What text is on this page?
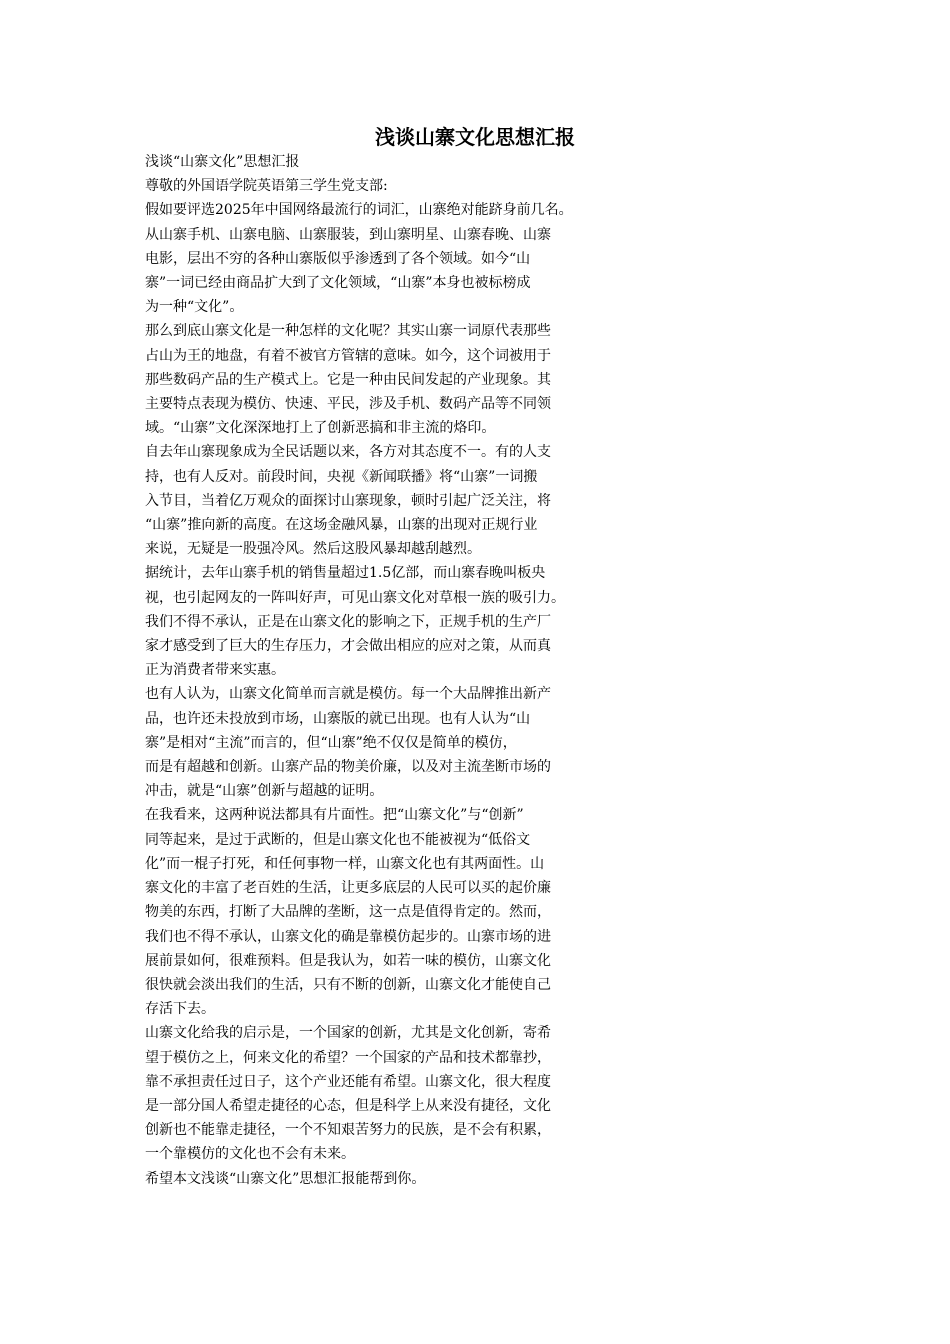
浅谈山寨文化思想汇报

浅谈“山寨文化”思想汇报

尊敬的外国语学院英语第三学生党支部:

假如要评选2025年中国网络最流行的词汇，山寨绝对能跻身前几名。

从山寨手机、山寨电脑、山寨服装，到山寨明星、山寨春晚、山寨

电影，层出不穷的各种山寨版似乎渗透到了各个领域。如今“山

寨”一词已经由商品扩大到了文化领域，“山寨”本身也被标榜成

为一种“文化”。

那么到底山寨文化是一种怎样的文化呢？其实山寨一词原代表那些

占山为王的地盘，有着不被官方管辖的意味。如今，这个词被用于

那些数码产品的生产模式上。它是一种由民间发起的产业现象。其

主要特点表现为模仿、快速、平民，涉及手机、数码产品等不同领

域。“山寨”文化深深地打上了创新恶搞和非主流的烙印。

自去年山寨现象成为全民话题以来，各方对其态度不一。有的人支

持，也有人反对。前段时间，央视《新闻联播》将“山寨”一词搬

入节目，当着亿万观众的面探讨山寨现象，顿时引起广泛关注，将

“山寨”推向新的高度。在这场金融风暴，山寨的出现对正规行业

来说，无疑是一股强冷风。然后这股风暴却越刮越烈。

据统计，去年山寨手机的销售量超过1.5亿部，而山寨春晚叫板央

视，也引起网友的一阵叫好声，可见山寨文化对草根一族的吸引力。

我们不得不承认，正是在山寨文化的影响之下，正规手机的生产厂

家才感受到了巨大的生存压力，才会做出相应的应对之策，从而真

正为消费者带来实惠。

也有人认为，山寨文化简单而言就是模仿。每一个大品牌推出新产

品，也许还未投放到市场，山寨版的就已出现。也有人认为“山

寨”是相对“主流”而言的，但“山寨”绝不仅仅是简单的模仿，

而是有超越和创新。山寨产品的物美价廉，以及对主流垄断市场的

冲击，就是“山寨”创新与超越的证明。

在我看来，这两种说法都具有片面性。把“山寨文化”与“创新”

同等起来，是过于武断的，但是山寨文化也不能被视为“低俗文

化”而一棍子打死，和任何事物一样，山寨文化也有其两面性。山

寨文化的丰富了老百姓的生活，让更多底层的人民可以买的起价廉

物美的东西，打断了大品牌的垄断，这一点是值得肯定的。然而，

我们也不得不承认，山寨文化的确是靠模仿起步的。山寨市场的进

展前景如何，很难预料。但是我认为，如若一味的模仿，山寨文化

很快就会淡出我们的生活，只有不断的创新，山寨文化才能使自己

存活下去。

山寨文化给我的启示是，一个国家的创新，尤其是文化创新，寄希

望于模仿之上，何来文化的希望？一个国家的产品和技术都靠抄，

靠不承担责任过日子，这个产业还能有希望。山寨文化，很大程度

是一部分国人希望走捷径的心态，但是科学上从来没有捷径，文化

创新也不能靠走捷径，一个不知艰苦努力的民族，是不会有积累，

一个靠模仿的文化也不会有未来。

希望本文浅谈“山寨文化”思想汇报能帮到你。
